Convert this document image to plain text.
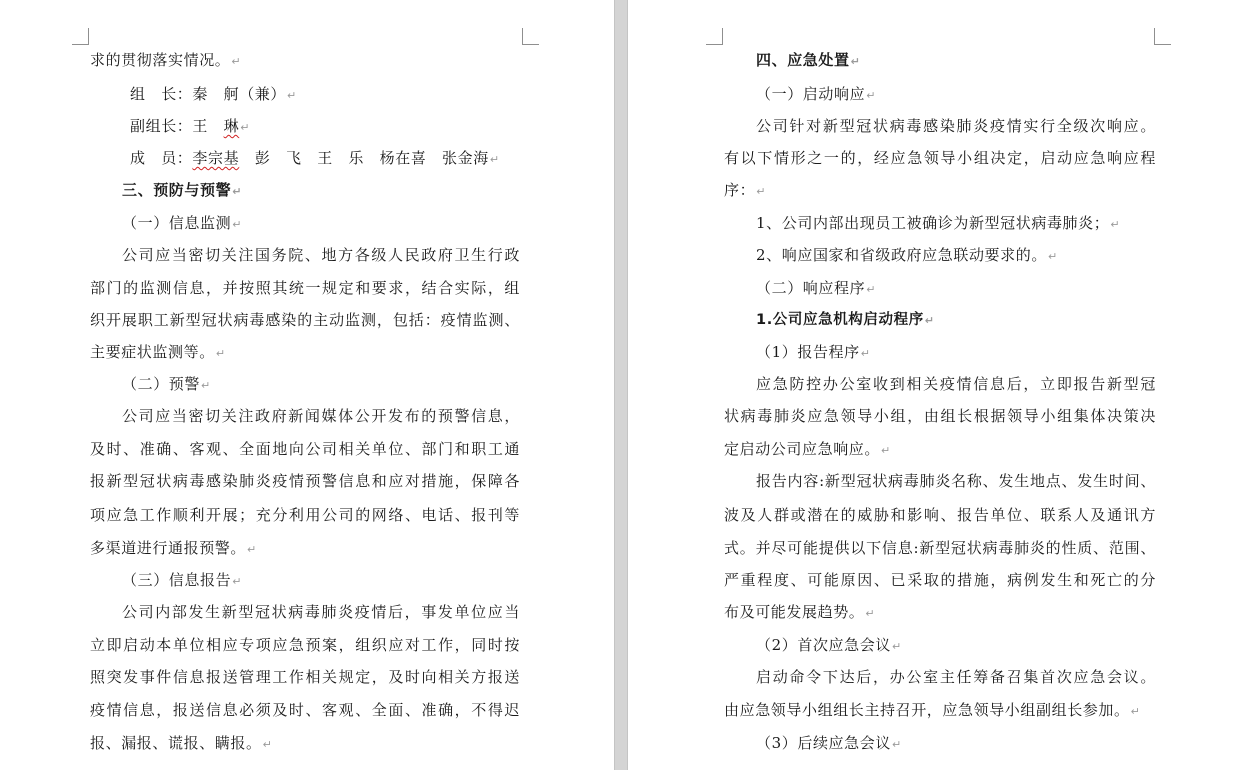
求的贯彻落实情况。↵
组　长：秦　舸（兼）↵
副组长：王　琳↵
成　员：李宗基　 彭　飞　王　乐　杨在喜　张金海↵
三、预防与预警↵
（一）信息监测↵
公司应当密切关注国务院、地方各级人民政府卫生行政
部门的监测信息，并按照其统一规定和要求，结合实际，组
织开展职工新型冠状病毒感染的主动监测，包括：疫情监测、
主要症状监测等。↵
（二）预警↵
公司应当密切关注政府新闻媒体公开发布的预警信息，
及时、准确、客观、全面地向公司相关单位、部门和职工通
报新型冠状病毒感染肺炎疫情预警信息和应对措施，保障各
项应急工作顺利开展；充分利用公司的网络、电话、报刊等
多渠道进行通报预警。↵
（三）信息报告↵
公司内部发生新型冠状病毒肺炎疫情后，事发单位应当
立即启动本单位相应专项应急预案，组织应对工作，同时按
照突发事件信息报送管理工作相关规定，及时向相关方报送
疫情信息，报送信息必须及时、客观、全面、准确，不得迟
报、漏报、谎报、瞒报。↵
四、应急处置↵
（一）启动响应↵
公司针对新型冠状病毒感染肺炎疫情实行全级次响应。
有以下情形之一的，经应急领导小组决定，启动应急响应程
序：↵
1、公司内部出现员工被确诊为新型冠状病毒肺炎；↵
2、响应国家和省级政府应急联动要求的。↵
（二）响应程序↵
1.公司应急机构启动程序↵
（1）报告程序↵
应急防控办公室收到相关疫情信息后，立即报告新型冠
状病毒肺炎应急领导小组，由组长根据领导小组集体决策决
定启动公司应急响应。↵
报告内容:新型冠状病毒肺炎名称、发生地点、发生时间、
波及人群或潜在的威胁和影响、报告单位、联系人及通讯方
式。并尽可能提供以下信息:新型冠状病毒肺炎的性质、范围、
严重程度、可能原因、已采取的措施，病例发生和死亡的分
布及可能发展趋势。↵
（2）首次应急会议↵
启动命令下达后，办公室主任筹备召集首次应急会议。
由应急领导小组组长主持召开，应急领导小组副组长参加。↵
（3）后续应急会议↵
